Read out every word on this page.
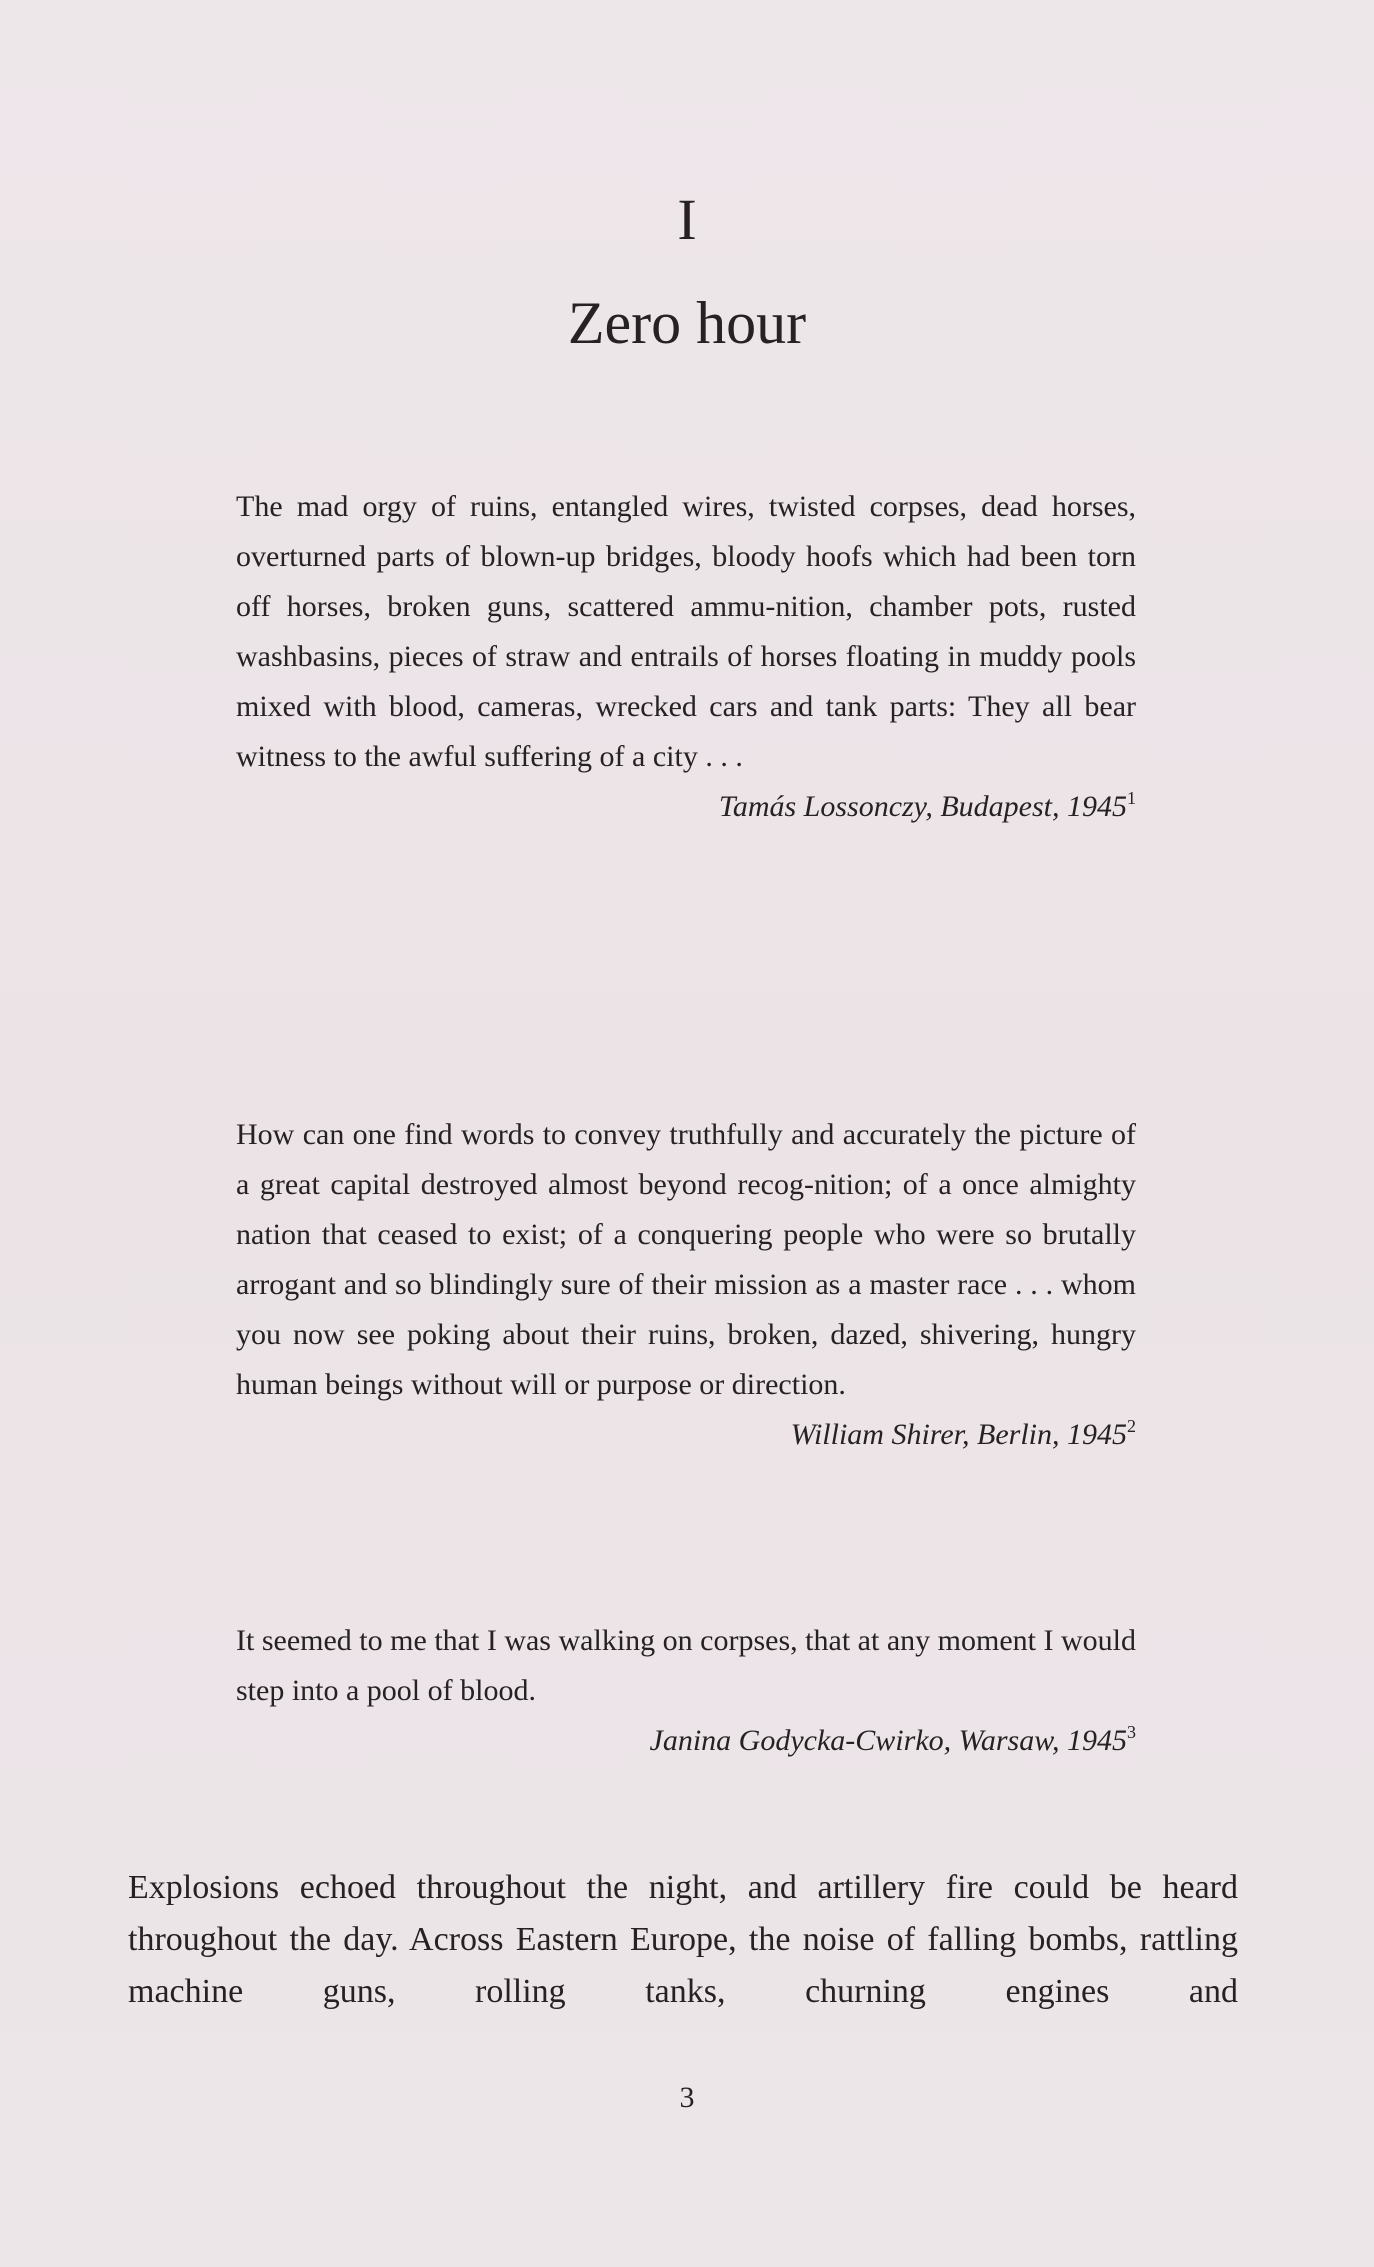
I
Zero hour

The mad orgy of ruins, entangled wires, twisted corpses, dead horses, overturned parts of blown-up bridges, bloody hoofs which had been torn off horses, broken guns, scattered ammu-nition, chamber pots, rusted washbasins, pieces of straw and entrails of horses floating in muddy pools mixed with blood, cameras, wrecked cars and tank parts: They all bear witness to the awful suffering of a city . . .

Tamás Lossonczy, Budapest, 1945$^1$

How can one find words to convey truthfully and accurately the picture of a great capital destroyed almost beyond recog-nition; of a once almighty nation that ceased to exist; of a conquering people who were so brutally arrogant and so blindingly sure of their mission as a master race . . . whom you now see poking about their ruins, broken, dazed, shivering, hungry human beings without will or purpose or direction.

William Shirer, Berlin, 1945$^2$

It seemed to me that I was walking on corpses, that at any moment I would step into a pool of blood.

Janina Godycka-Cwirko, Warsaw, 1945$^3$

Explosions echoed throughout the night, and artillery fire could be heard throughout the day. Across Eastern Europe, the noise of falling bombs, rattling machine guns, rolling tanks, churning engines and

3
